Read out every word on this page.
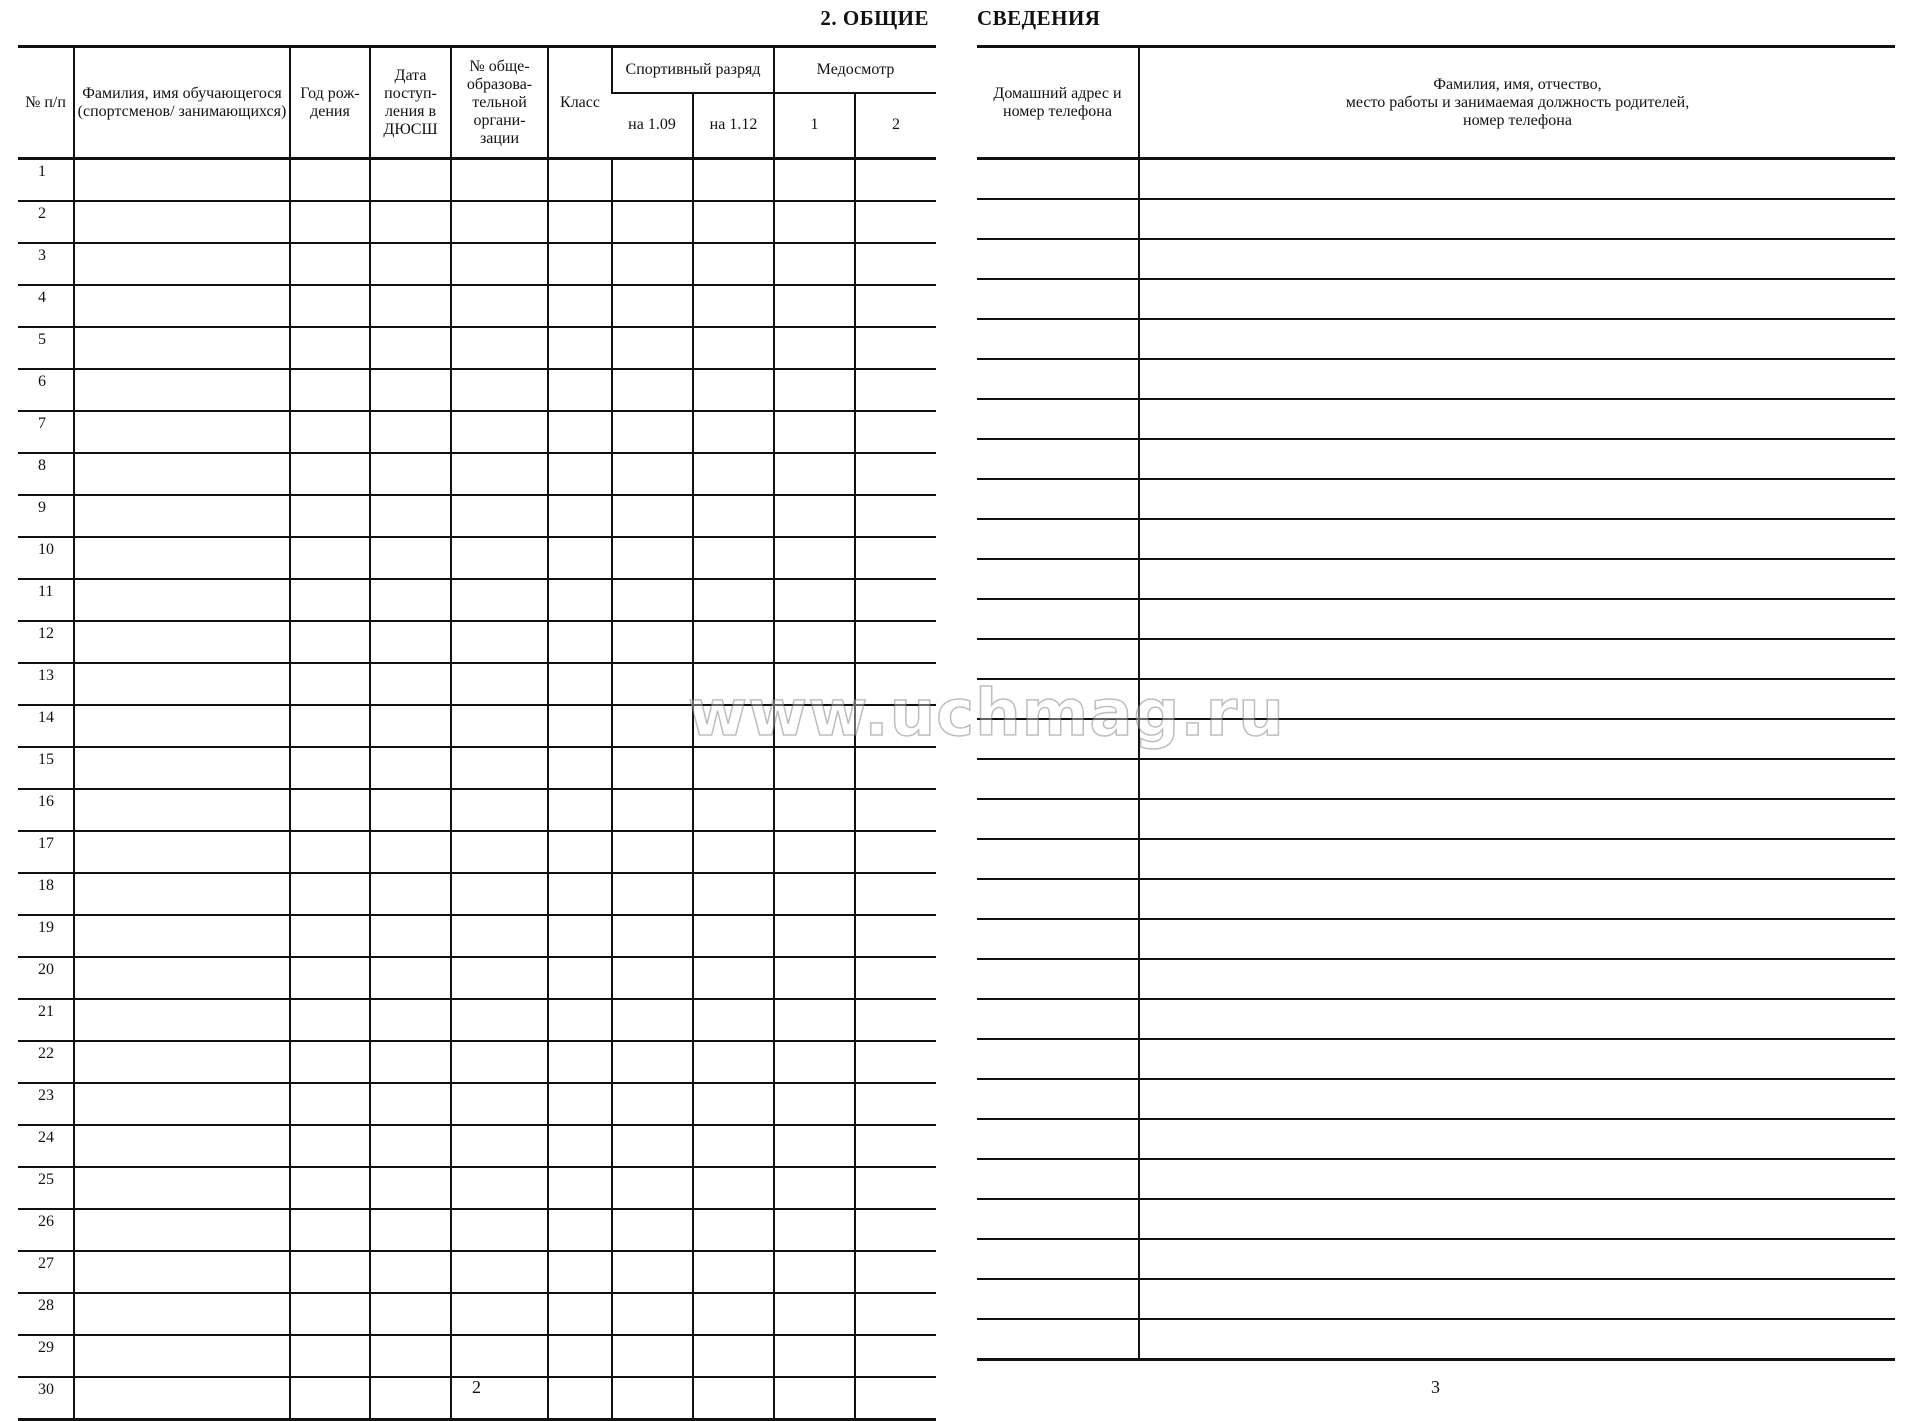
2. ОБЩИЕ СВЕДЕНИЯ
№ п/п	Фамилия, имя обучающегося (спортсменов/ занимающихся)	Год рож- дения	Дата поступ- ления в ДЮСШ	№ обще- образова- тельной органи- зации	Класс	Спортивный разряд		Медосмотр	
						на 1.09	на 1.12	1	2
1									
2									
3									
4									
5									
6									
7									
8									
9									
10									
11									
12									
13									
14									
15									
16									
17									
18									
19									
20									
21									
22									
23									
24									
25									
26									
27									
28									
29									
30									
Домашний адрес и номер телефона	Фамилия, имя, отчество,
место работы и занимаемая должность родителей,
номер телефона

2	3
www.uchmag.ru
